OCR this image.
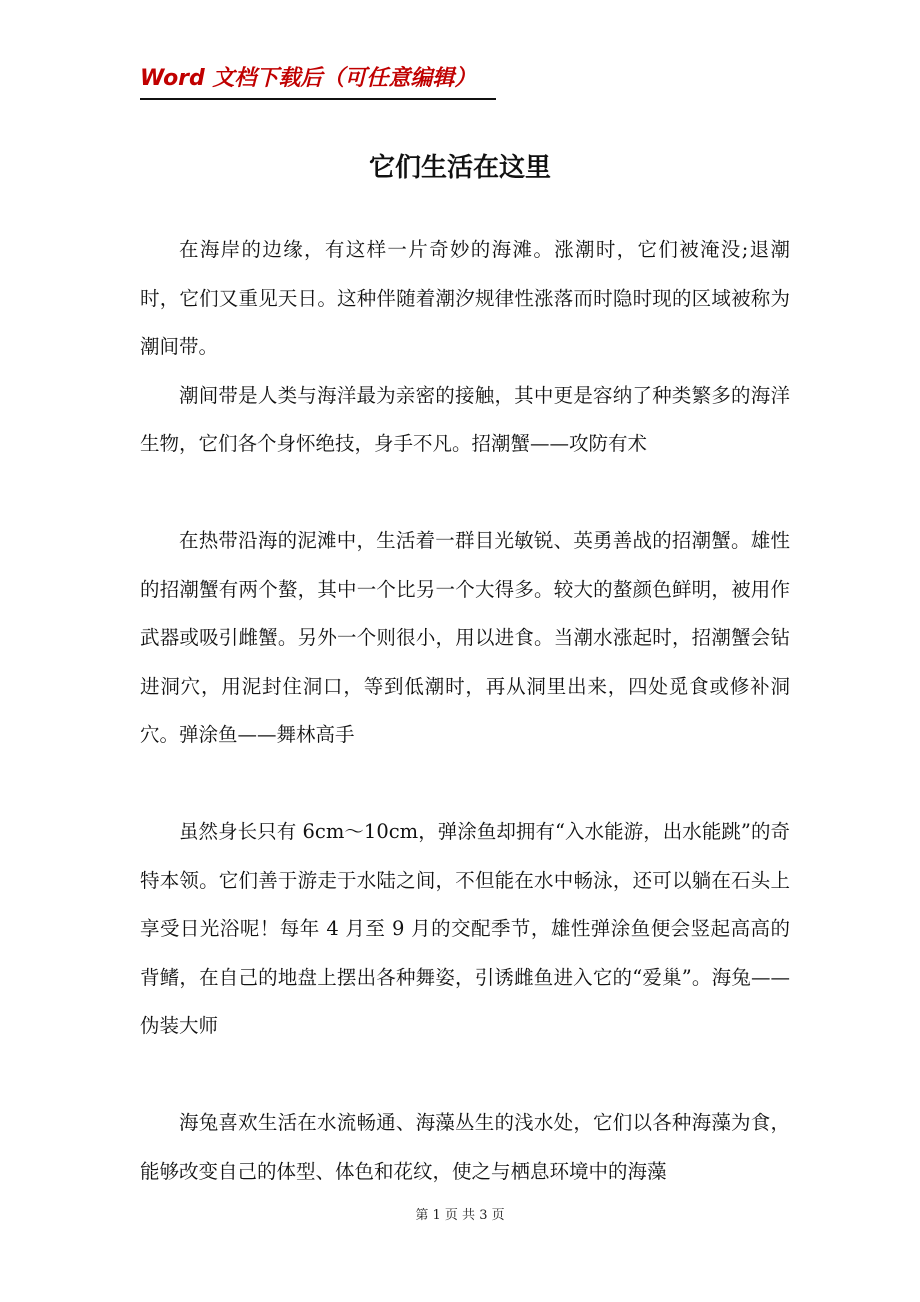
Word 文档下载后（可任意编辑）
它们生活在这里

在海岸的边缘，有这样一片奇妙的海滩。涨潮时，它们被淹没;退潮时，它们又重见天日。这种伴随着潮汐规律性涨落而时隐时现的区域被称为潮间带。

潮间带是人类与海洋最为亲密的接触，其中更是容纳了种类繁多的海洋生物，它们各个身怀绝技，身手不凡。招潮蟹——攻防有术

在热带沿海的泥滩中，生活着一群目光敏锐、英勇善战的招潮蟹。雄性的招潮蟹有两个螯，其中一个比另一个大得多。较大的螯颜色鲜明，被用作武器或吸引雌蟹。另外一个则很小，用以进食。当潮水涨起时，招潮蟹会钻进洞穴，用泥封住洞口，等到低潮时，再从洞里出来，四处觅食或修补洞穴。弹涂鱼——舞林高手

虽然身长只有 6cm～10cm，弹涂鱼却拥有“入水能游，出水能跳”的奇特本领。它们善于游走于水陆之间，不但能在水中畅泳，还可以躺在石头上享受日光浴呢！每年 4 月至 9 月的交配季节，雄性弹涂鱼便会竖起高高的背鳍，在自己的地盘上摆出各种舞姿，引诱雌鱼进入它的“爱巢”。海兔——伪装大师

海兔喜欢生活在水流畅通、海藻丛生的浅水处，它们以各种海藻为食，能够改变自己的体型、体色和花纹，使之与栖息环境中的海藻

第 1 页 共 3 页
